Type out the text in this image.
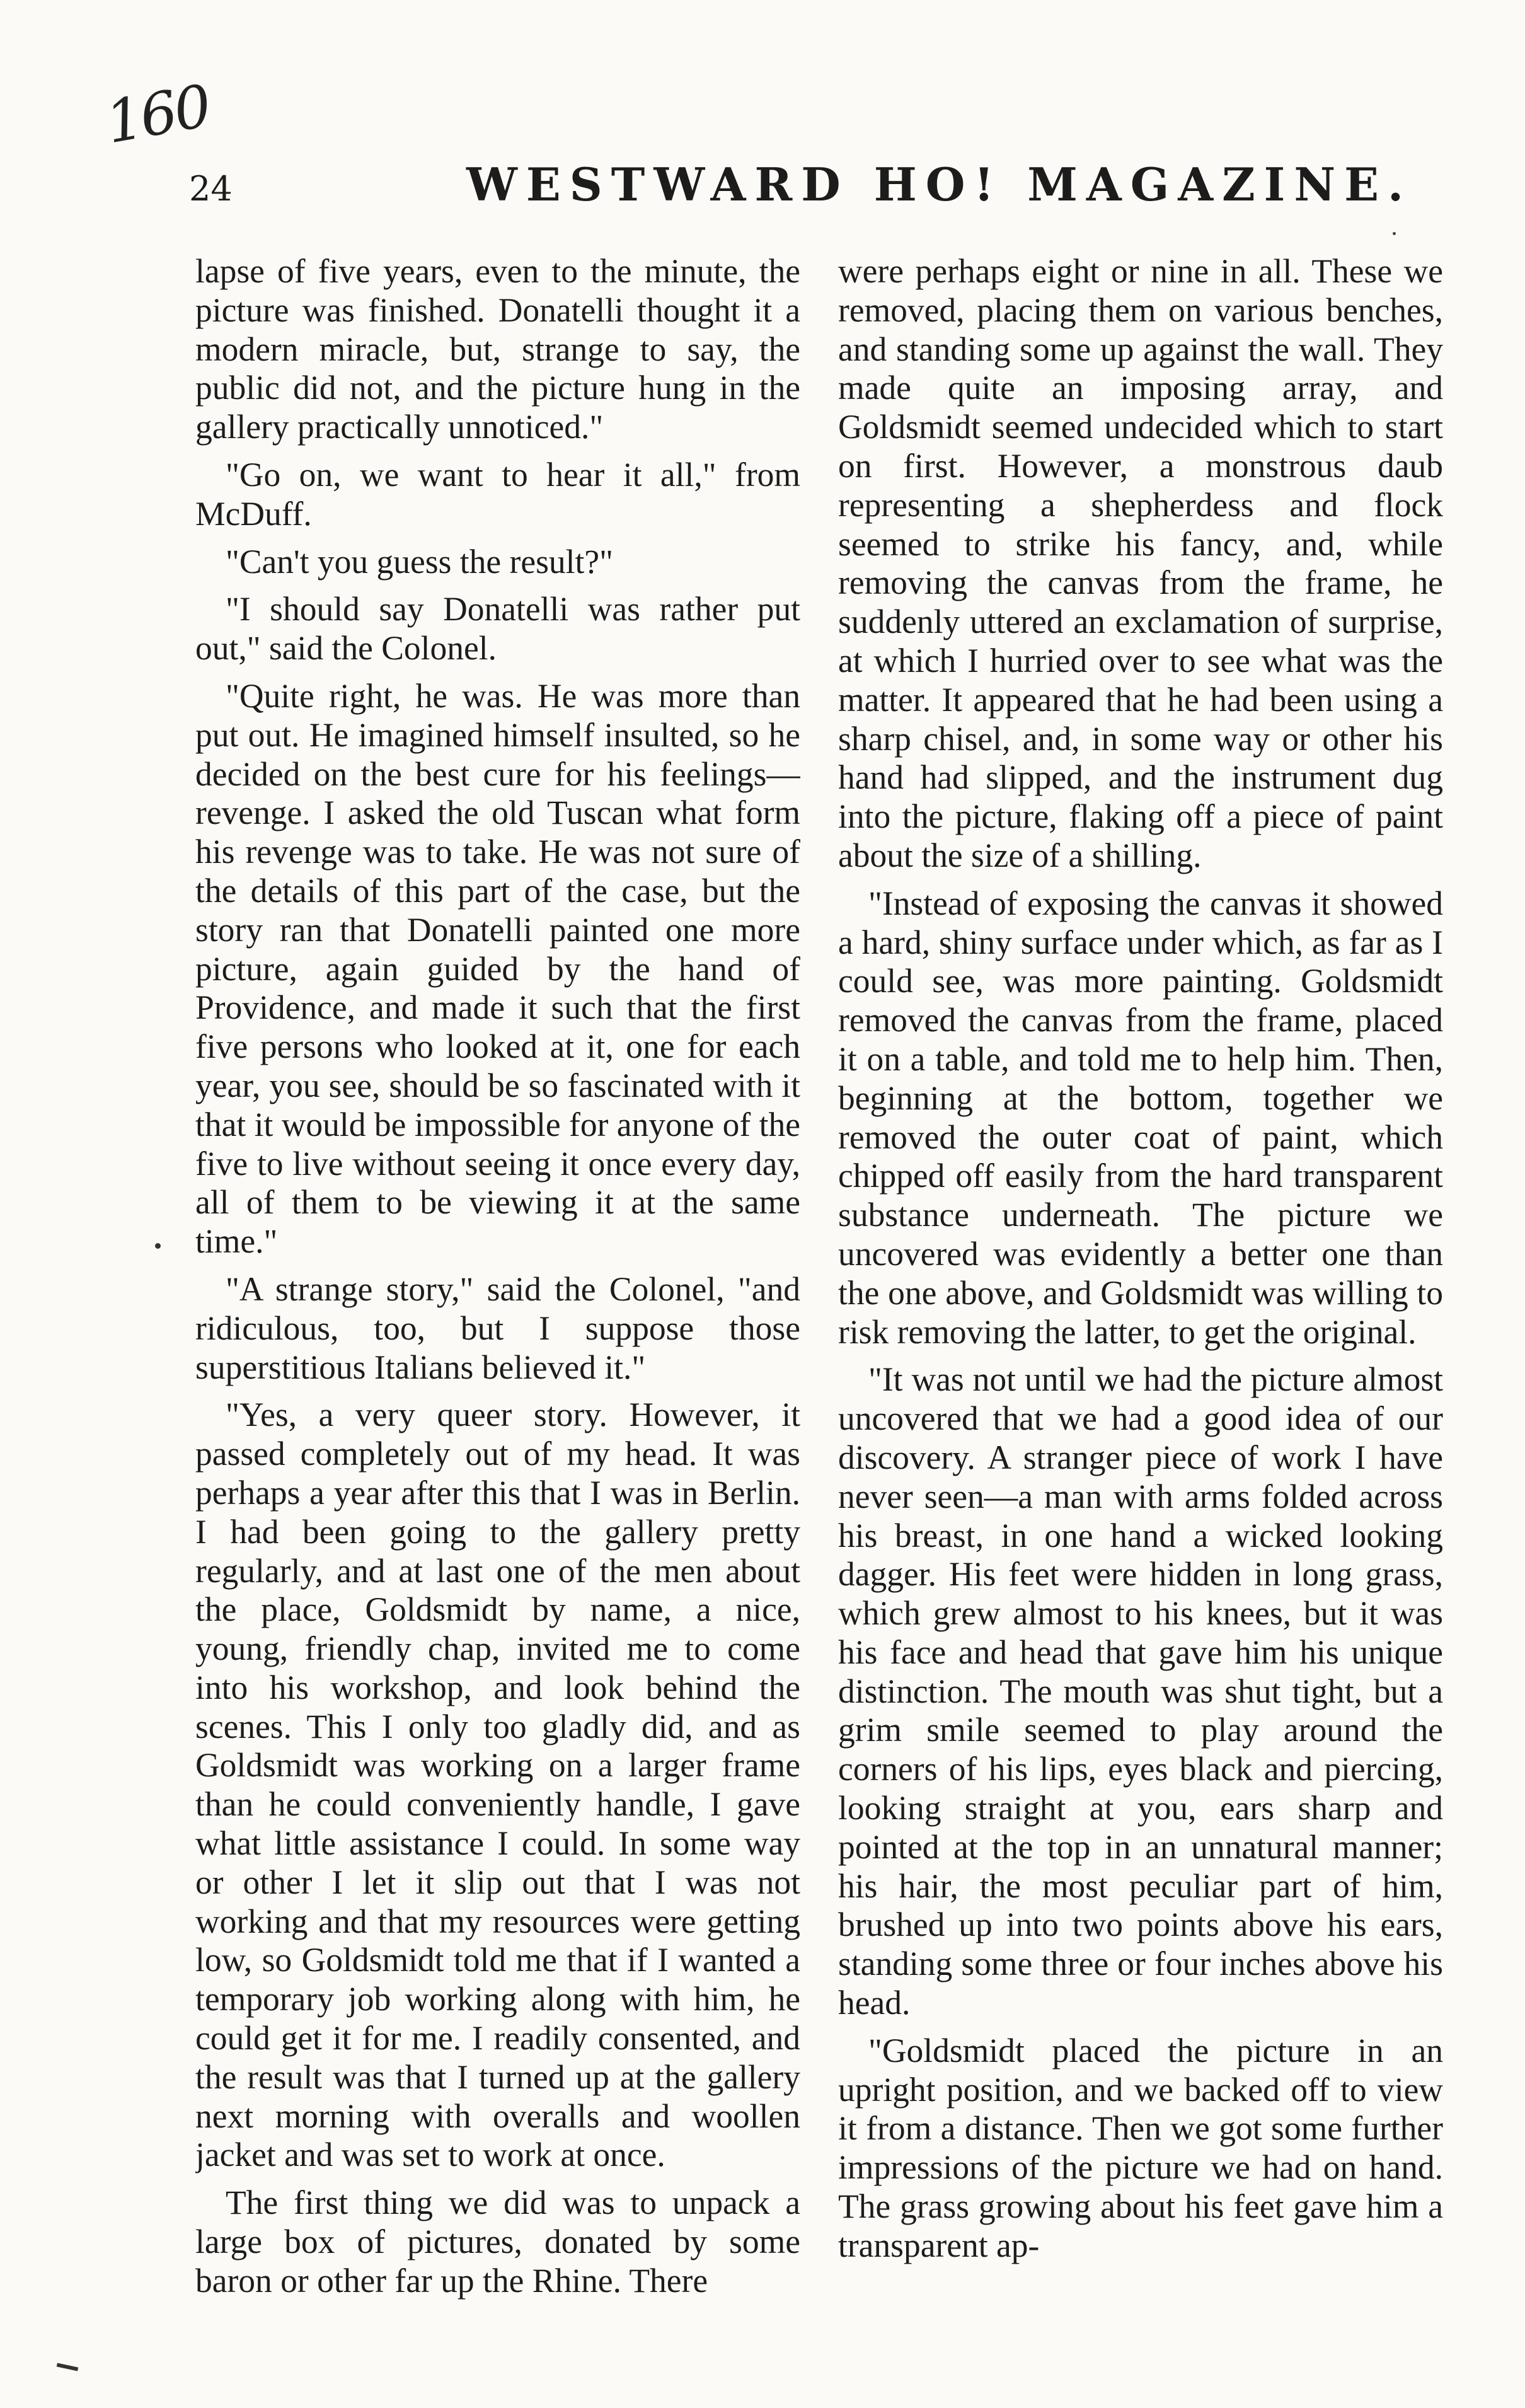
160
24	WESTWARD HO! MAGAZINE.

lapse of five years, even to the minute, the picture was finished. Donatelli thought it a modern miracle, but, strange to say, the public did not, and the picture hung in the gallery practically unnoticed."

"Go on, we want to hear it all," from McDuff.

"Can't you guess the result?"

"I should say Donatelli was rather put out," said the Colonel.

"Quite right, he was. He was more than put out. He imagined himself insulted, so he decided on the best cure for his feelings—revenge. I asked the old Tuscan what form his revenge was to take. He was not sure of the details of this part of the case, but the story ran that Donatelli painted one more picture, again guided by the hand of Providence, and made it such that the first five persons who looked at it, one for each year, you see, should be so fascinated with it that it would be impossible for anyone of the five to live without seeing it once every day, all of them to be viewing it at the same time."

"A strange story," said the Colonel, "and ridiculous, too, but I suppose those superstitious Italians believed it."

"Yes, a very queer story. However, it passed completely out of my head. It was perhaps a year after this that I was in Berlin. I had been going to the gallery pretty regularly, and at last one of the men about the place, Goldsmidt by name, a nice, young, friendly chap, invited me to come into his workshop, and look behind the scenes. This I only too gladly did, and as Goldsmidt was working on a larger frame than he could conveniently handle, I gave what little assistance I could. In some way or other I let it slip out that I was not working and that my resources were getting low, so Goldsmidt told me that if I wanted a temporary job working along with him, he could get it for me. I readily consented, and the result was that I turned up at the gallery next morning with overalls and woollen jacket and was set to work at once.

The first thing we did was to unpack a large box of pictures, donated by some baron or other far up the Rhine. There

were perhaps eight or nine in all. These we removed, placing them on various benches, and standing some up against the wall. They made quite an imposing array, and Goldsmidt seemed undecided which to start on first. However, a monstrous daub representing a shepherdess and flock seemed to strike his fancy, and, while removing the canvas from the frame, he suddenly uttered an exclamation of surprise, at which I hurried over to see what was the matter. It appeared that he had been using a sharp chisel, and, in some way or other his hand had slipped, and the instrument dug into the picture, flaking off a piece of paint about the size of a shilling.

"Instead of exposing the canvas it showed a hard, shiny surface under which, as far as I could see, was more painting. Goldsmidt removed the canvas from the frame, placed it on a table, and told me to help him. Then, beginning at the bottom, together we removed the outer coat of paint, which chipped off easily from the hard transparent substance underneath. The picture we uncovered was evidently a better one than the one above, and Goldsmidt was willing to risk removing the latter, to get the original.

"It was not until we had the picture almost uncovered that we had a good idea of our discovery. A stranger piece of work I have never seen—a man with arms folded across his breast, in one hand a wicked looking dagger. His feet were hidden in long grass, which grew almost to his knees, but it was his face and head that gave him his unique distinction. The mouth was shut tight, but a grim smile seemed to play around the corners of his lips, eyes black and piercing, looking straight at you, ears sharp and pointed at the top in an unnatural manner; his hair, the most peculiar part of him, brushed up into two points above his ears, standing some three or four inches above his head.

"Goldsmidt placed the picture in an upright position, and we backed off to view it from a distance. Then we got some further impressions of the picture we had on hand. The grass growing about his feet gave him a transparent ap-
